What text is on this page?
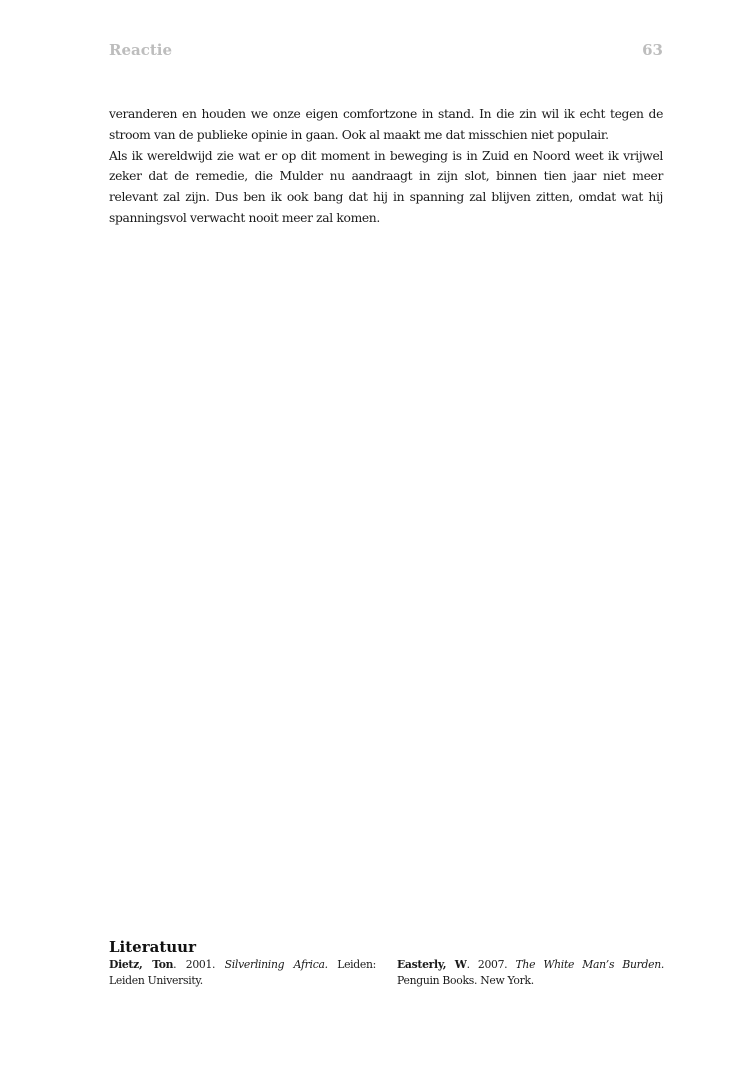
Reactie	63

veranderen en houden we onze eigen comfortzone in stand. In die zin wil ik echt tegen de stroom van de publieke opinie in gaan. Ook al maakt me dat misschien niet populair.

Als ik wereldwijd zie wat er op dit moment in beweging is in Zuid en Noord weet ik vrijwel zeker dat de remedie, die Mulder nu aandraagt in zijn slot, binnen tien jaar niet meer relevant zal zijn. Dus ben ik ook bang dat hij in spanning zal blijven zitten, omdat wat hij spanningsvol verwacht nooit meer zal komen.

Literatuur
Dietz, Ton. 2001. Silverlining Africa. Leiden: Leiden University.
Easterly, W. 2007. The White Man’s Burden. Penguin Books. New York.
